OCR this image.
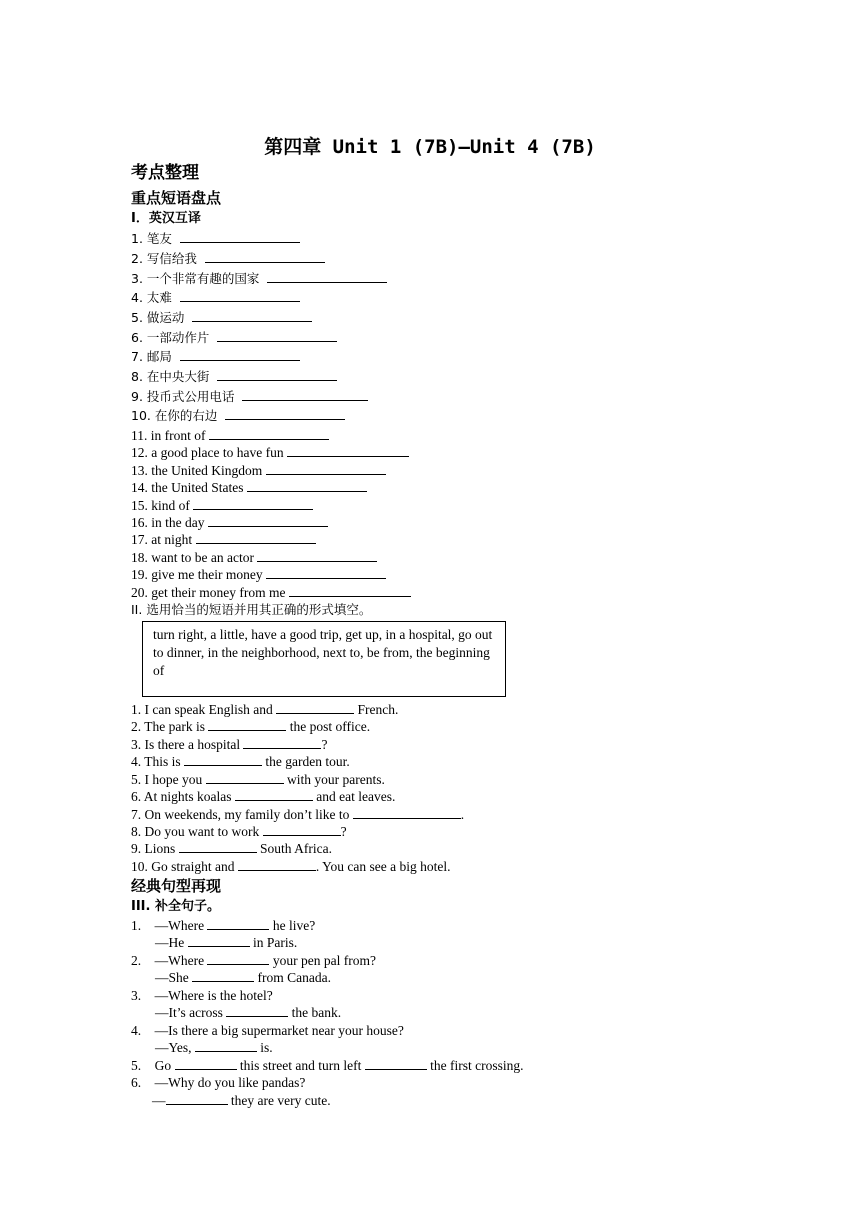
第四章 Unit 1 (7B)—Unit 4 (7B)
考点整理
重点短语盘点
I．英汉互译
1. 笔友
2. 写信给我
3. 一个非常有趣的国家
4. 太难
5. 做运动
6. 一部动作片
7. 邮局
8. 在中央大街
9. 投币式公用电话
10. 在你的右边
11. in front of
12. a good place to have fun
13. the United Kingdom
14. the United States
15. kind of
16. in the day
17. at night
18. want to be an actor
19. give me their money
20. get their money from me
II. 选用恰当的短语并用其正确的形式填空。
turn right, a little, have a good trip, get up, in a hospital, go out to dinner, in the neighborhood, next to, be from, the beginning of
1. I can speak English and	French.
2. The park is	the post office.
3. Is there a hospital	?
4. This is	the garden tour.
5. I hope you	with your parents.
6. At nights koalas	and eat leaves.
7. On weekends, my family don’t like to	.
8. Do you want to work	?
9. Lions	South Africa.
10. Go straight and	. You can see a big hotel.
经典句型再现
III. 补全句子。
1. —Where	he live?
—He	in Paris.
2. —Where	your pen pal from?
—She	from Canada.
3. —Where is the hotel?
—It’s across	the bank.
4. —Is there a big supermarket near your house?
—Yes,	is.
5. Go	this street and turn left	the first crossing.
6. —Why do you like pandas?
—	they are very cute.
